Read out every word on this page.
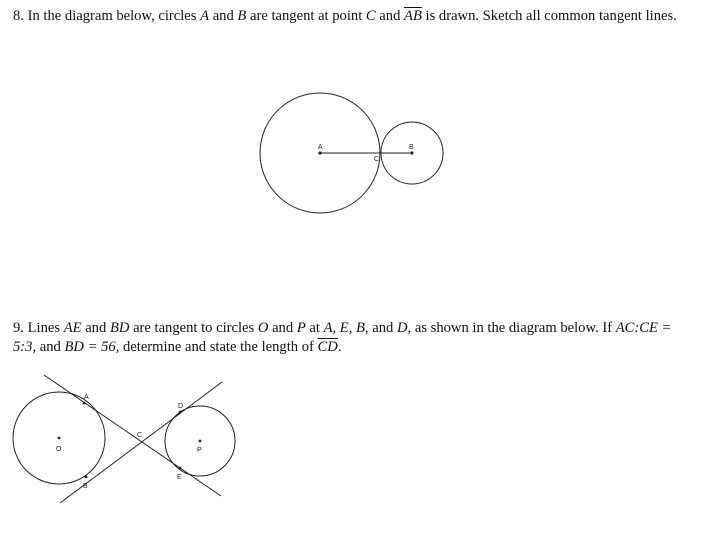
8. In the diagram below, circles A and B are tangent at point C and $\overline{AB}$ is drawn. Sketch all common tangent lines.
9. Lines AE and BD are tangent to circles O and P at A, E, B, and D, as shown in the diagram below. If AC:CE = 5:3, and BD = 56, determine and state the length of $\overline{CD}$.
A	B
C
A
B
C
D
E
O	P
